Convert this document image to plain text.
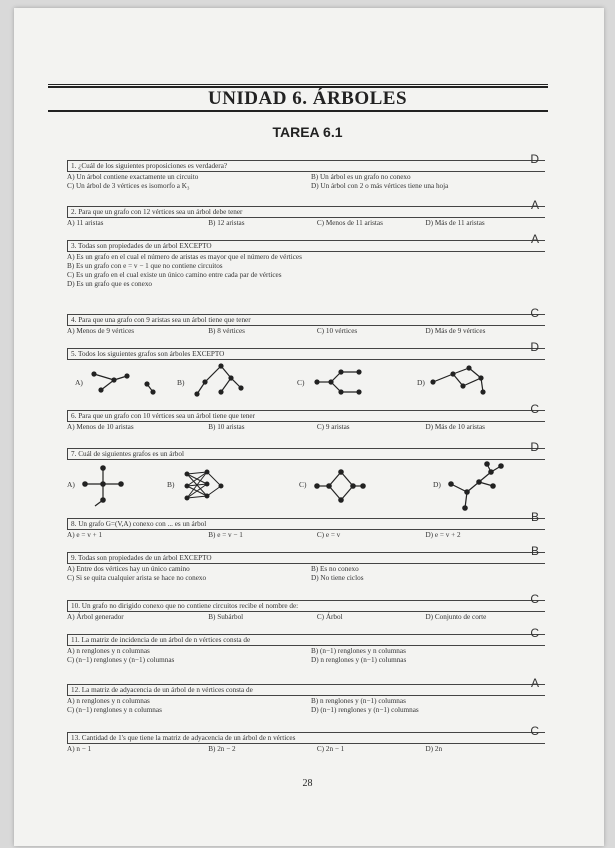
UNIDAD 6. ÁRBOLES
TAREA 6.1
1. ¿Cuál de los siguientes proposiciones es verdadera?	D
A) Un árbol contiene exactamente un circuito	B) Un árbol es un grafo no conexo
C) Un árbol de 3 vértices es isomorfo a K₃	D) Un árbol con 2 o más vértices tiene una hoja
2. Para que un grafo con 12 vértices sea un árbol debe tener	A
A) 11 aristas	B) 12 aristas	C) Menos de 11 aristas	D) Más de 11 aristas
3. Todas son propiedades de un árbol EXCEPTO	A
A) Es un grafo en el cual el número de aristas es mayor que el número de vértices
B) Es un grafo con e = v − 1 que no contiene circuitos
C) Es un grafo en el cual existe un único camino entre cada par de vértices
D) Es un grafo que es conexo
4. Para que una grafo con 9 aristas sea un árbol tiene que tener	C
A) Menos de 9 vértices	B) 8 vértices	C) 10 vértices	D) Más de 9 vértices
5. Todos los siguientes grafos son árboles EXCEPTO	D
A)	B)	C)	D)
6. Para que un grafo con 10 vértices sea un árbol tiene que tener	C
A) Menos de 10 aristas	B) 10 aristas	C) 9 aristas	D) Más de 10 aristas
7. Cuál de siguientes grafos es un árbol	D
A)	B)	C)	D)
8. Un grafo G=(V,A) conexo con ... es un árbol	B
A) e = v + 1	B) e = v − 1	C) e = v	D) e = v + 2
9. Todas son propiedades de un árbol EXCEPTO	B
A) Entre dos vértices hay un único camino	B) Es no conexo
C) Si se quita cualquier arista se hace no conexo	D) No tiene ciclos
10. Un grafo no dirigido conexo que no contiene circuitos recibe el nombre de:	C
A) Árbol generador	B) Subárbol	C) Árbol	D) Conjunto de corte
11. La matriz de incidencia de un árbol de n vértices consta de	C
A) n renglones y n columnas	B) (n−1) renglones y n columnas
C) (n−1) renglones y (n−1) columnas	D) n renglones y (n−1) columnas
12. La matriz de adyacencia de un árbol de n vértices consta de	A
A) n renglones y n columnas	B) n renglones y (n−1) columnas
C) (n−1) renglones y n columnas	D) (n−1) renglones y (n−1) columnas
13. Cantidad de 1's que tiene la matriz de adyacencia de un árbol de n vértices	C
A) n − 1	B) 2n − 2	C) 2n − 1	D) 2n
28
